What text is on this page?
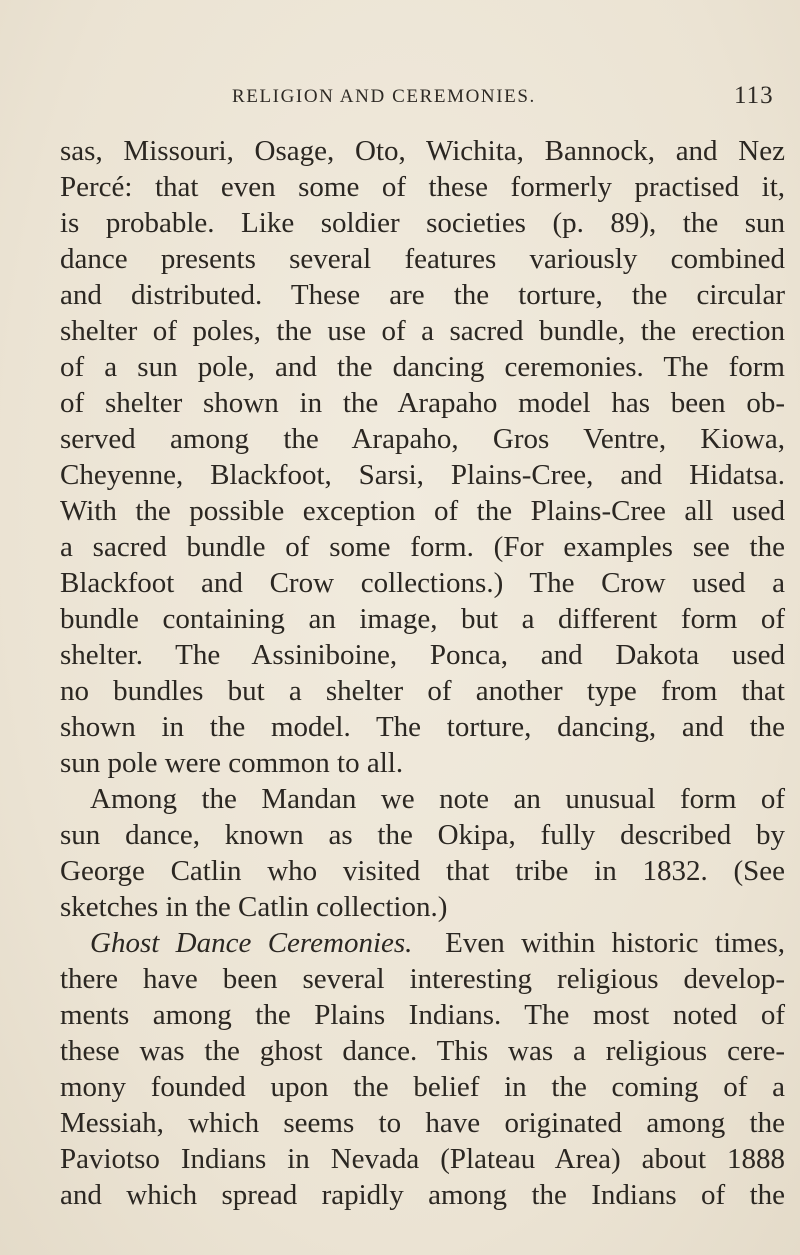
RELIGION AND CEREMONIES.	113
sas, Missouri, Osage, Oto, Wichita, Bannock, and Nez
Percé: that even some of these formerly practised it,
is probable. Like soldier societies (p. 89), the sun
dance presents several features variously combined
and distributed. These are the torture, the circular
shelter of poles, the use of a sacred bundle, the erection
of a sun pole, and the dancing ceremonies. The form
of shelter shown in the Arapaho model has been ob-
served among the Arapaho, Gros Ventre, Kiowa,
Cheyenne, Blackfoot, Sarsi, Plains-Cree, and Hidatsa.
With the possible exception of the Plains-Cree all used
a sacred bundle of some form. (For examples see the
Blackfoot and Crow collections.) The Crow used a
bundle containing an image, but a different form of
shelter. The Assiniboine, Ponca, and Dakota used
no bundles but a shelter of another type from that
shown in the model. The torture, dancing, and the
sun pole were common to all.
Among the Mandan we note an unusual form of
sun dance, known as the Okipa, fully described by
George Catlin who visited that tribe in 1832. (See
sketches in the Catlin collection.)
Ghost Dance Ceremonies. Even within historic times,
there have been several interesting religious develop-
ments among the Plains Indians. The most noted of
these was the ghost dance. This was a religious cere-
mony founded upon the belief in the coming of a
Messiah, which seems to have originated among the
Paviotso Indians in Nevada (Plateau Area) about 1888
and which spread rapidly among the Indians of the
